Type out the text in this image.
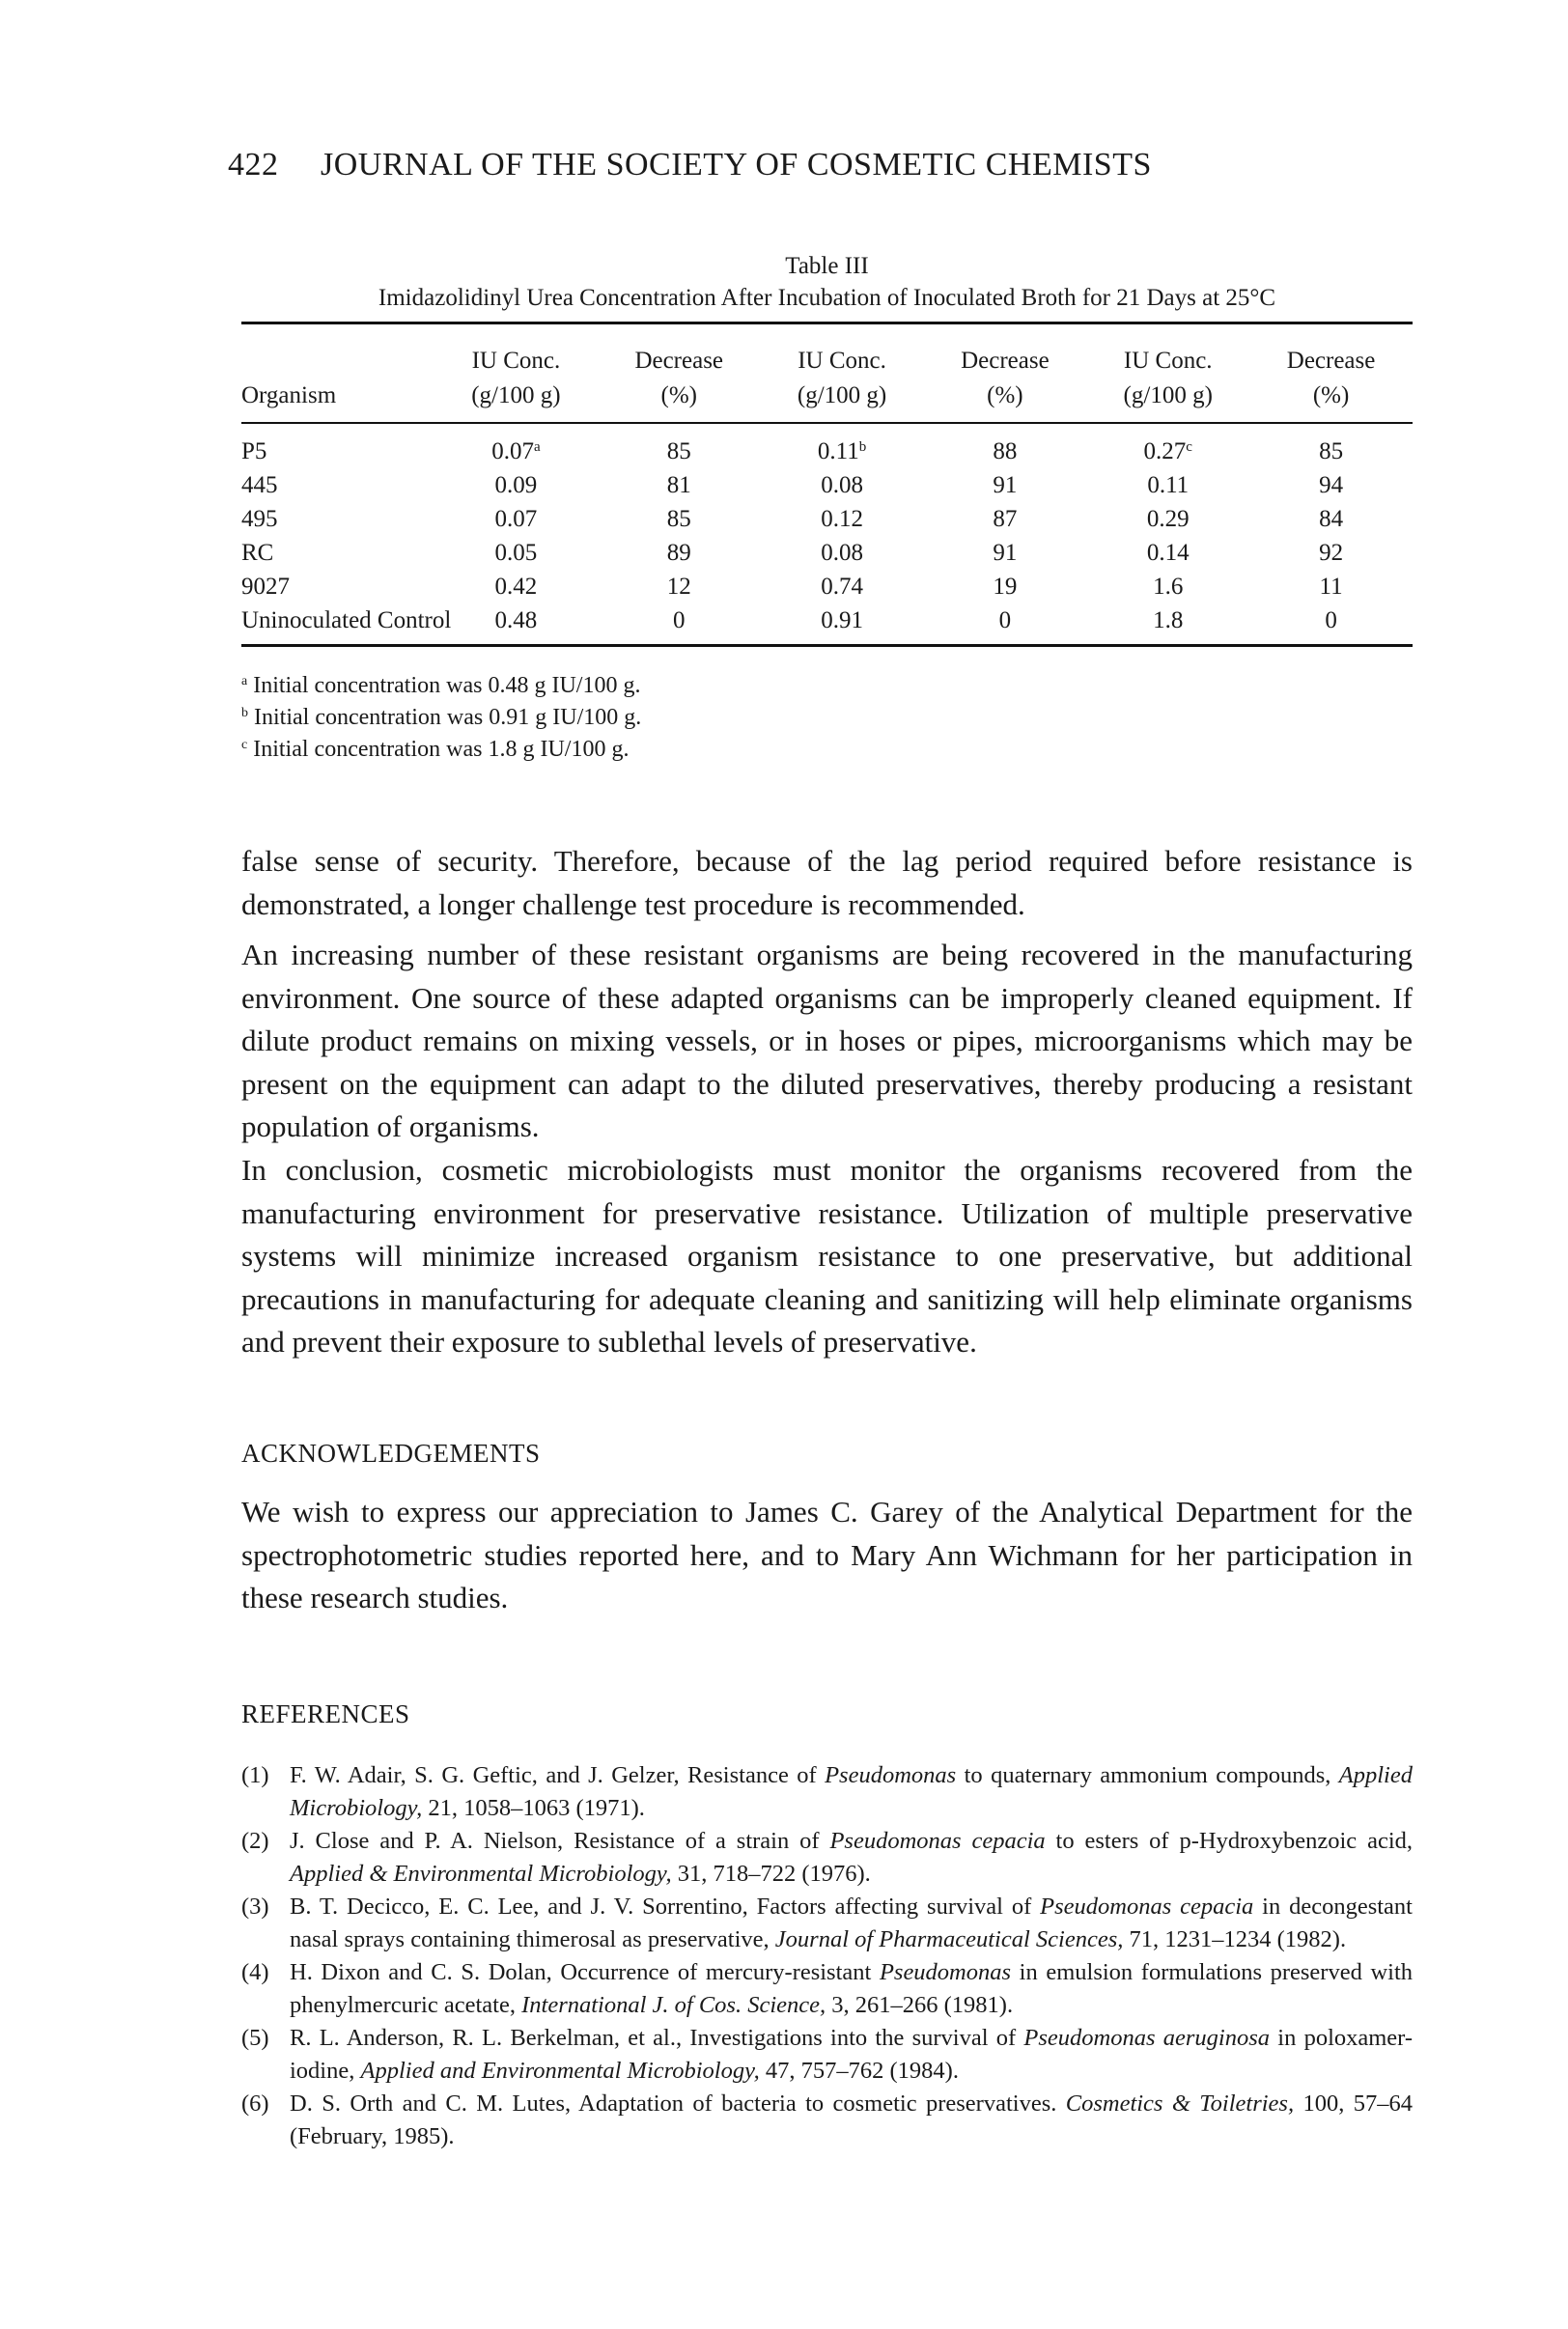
422 JOURNAL OF THE SOCIETY OF COSMETIC CHEMISTS
Table III
Imidazolidinyl Urea Concentration After Incubation of Inoculated Broth for 21 Days at 25°C
	IU Conc.	Decrease	IU Conc.	Decrease	IU Conc.	Decrease
Organism	(g/100 g)	(%)	(g/100 g)	(%)	(g/100 g)	(%)
P5	0.07$^a$	85	0.11$^b$	88	0.27$^c$	85
445	0.09	81	0.08	91	0.11	94
495	0.07	85	0.12	87	0.29	84
RC	0.05	89	0.08	91	0.14	92
9027	0.42	12	0.74	19	1.6	11
Uninoculated Control	0.48	0	0.91	0	1.8	0
$^a$ Initial concentration was 0.48 g IU/100 g.
$^b$ Initial concentration was 0.91 g IU/100 g.
$^c$ Initial concentration was 1.8 g IU/100 g.
false sense of security. Therefore, because of the lag period required before resistance is demonstrated, a longer challenge test procedure is recommended.
An increasing number of these resistant organisms are being recovered in the manufacturing environment. One source of these adapted organisms can be improperly cleaned equipment. If dilute product remains on mixing vessels, or in hoses or pipes, microorganisms which may be present on the equipment can adapt to the diluted preservatives, thereby producing a resistant population of organisms.
In conclusion, cosmetic microbiologists must monitor the organisms recovered from the manufacturing environment for preservative resistance. Utilization of multiple preservative systems will minimize increased organism resistance to one preservative, but additional precautions in manufacturing for adequate cleaning and sanitizing will help eliminate organisms and prevent their exposure to sublethal levels of preservative.
ACKNOWLEDGEMENTS
We wish to express our appreciation to James C. Garey of the Analytical Department for the spectrophotometric studies reported here, and to Mary Ann Wichmann for her participation in these research studies.
REFERENCES
(1) F. W. Adair, S. G. Geftic, and J. Gelzer, Resistance of Pseudomonas to quaternary ammonium compounds, Applied Microbiology, 21, 1058–1063 (1971).
(2) J. Close and P. A. Nielson, Resistance of a strain of Pseudomonas cepacia to esters of p-Hydroxybenzoic acid, Applied & Environmental Microbiology, 31, 718–722 (1976).
(3) B. T. Decicco, E. C. Lee, and J. V. Sorrentino, Factors affecting survival of Pseudomonas cepacia in decongestant nasal sprays containing thimerosal as preservative, Journal of Pharmaceutical Sciences, 71, 1231–1234 (1982).
(4) H. Dixon and C. S. Dolan, Occurrence of mercury-resistant Pseudomonas in emulsion formulations preserved with phenylmercuric acetate, International J. of Cos. Science, 3, 261–266 (1981).
(5) R. L. Anderson, R. L. Berkelman, et al., Investigations into the survival of Pseudomonas aeruginosa in poloxamer-iodine, Applied and Environmental Microbiology, 47, 757–762 (1984).
(6) D. S. Orth and C. M. Lutes, Adaptation of bacteria to cosmetic preservatives. Cosmetics & Toiletries, 100, 57–64 (February, 1985).
